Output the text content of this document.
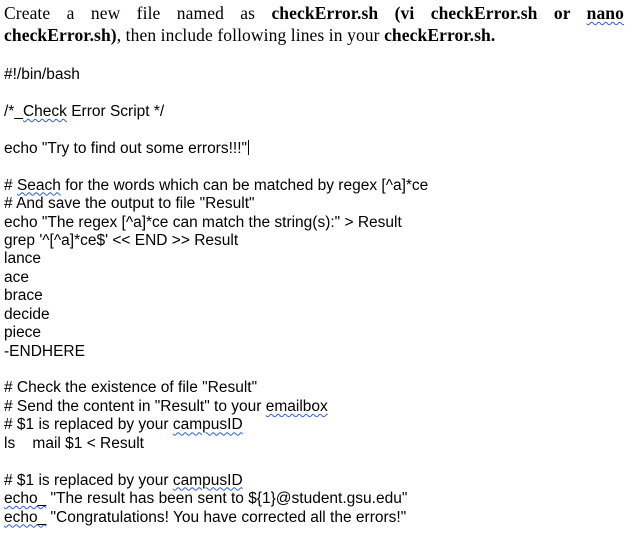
Create a new file named as checkError.sh (vi checkError.sh or nano checkError.sh), then include following lines in your checkError.sh.
#!/bin/bash
/*_Check Error Script */
echo "Try to find out some errors!!!"
# Seach for the words which can be matched by regex [^a]*ce
# And save the output to file "Result"
echo "The regex [^a]*ce can match the string(s):" > Result
grep '^[^a]*ce$' << END >> Result
lance
ace
brace
decide
piece
-ENDHERE
# Check the existence of file "Result"
# Send the content in "Result" to your emailbox
# $1 is replaced by your campusID
ls    mail $1 < Result
# $1 is replaced by your campusID
echo_ "The result has been sent to ${1}@student.gsu.edu"
echo_ "Congratulations! You have corrected all the errors!"
